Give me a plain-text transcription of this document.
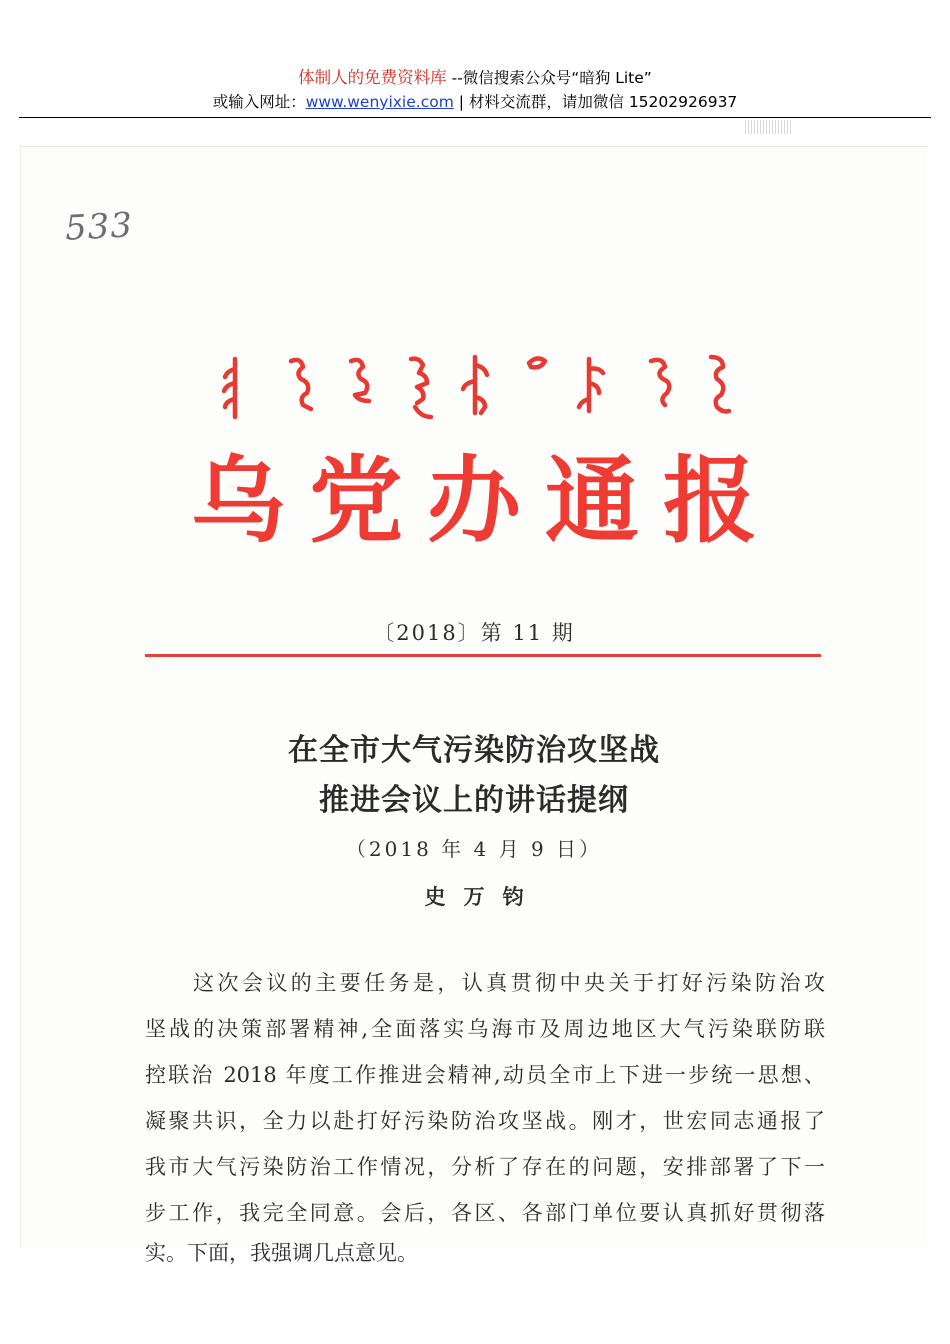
体制人的免费资料库 --微信搜索公众号“暗狗 Lite”
或输入网址：www.wenyixie.com | 材料交流群，请加微信 15202926937
533
乌党办通报
〔2018〕第 11 期
在全市大气污染防治攻坚战
推进会议上的讲话提纲
（2018 年 4 月 9 日）
史万钧
这次会议的主要任务是，认真贯彻中央关于打好污染防治攻
坚战的决策部署精神,全面落实乌海市及周边地区大气污染联防联
控联治 2018 年度工作推进会精神,动员全市上下进一步统一思想、
凝聚共识，全力以赴打好污染防治攻坚战。刚才，世宏同志通报了
我市大气污染防治工作情况，分析了存在的问题，安排部署了下一
步工作，我完全同意。会后，各区、各部门单位要认真抓好贯彻落
实。下面，我强调几点意见。
